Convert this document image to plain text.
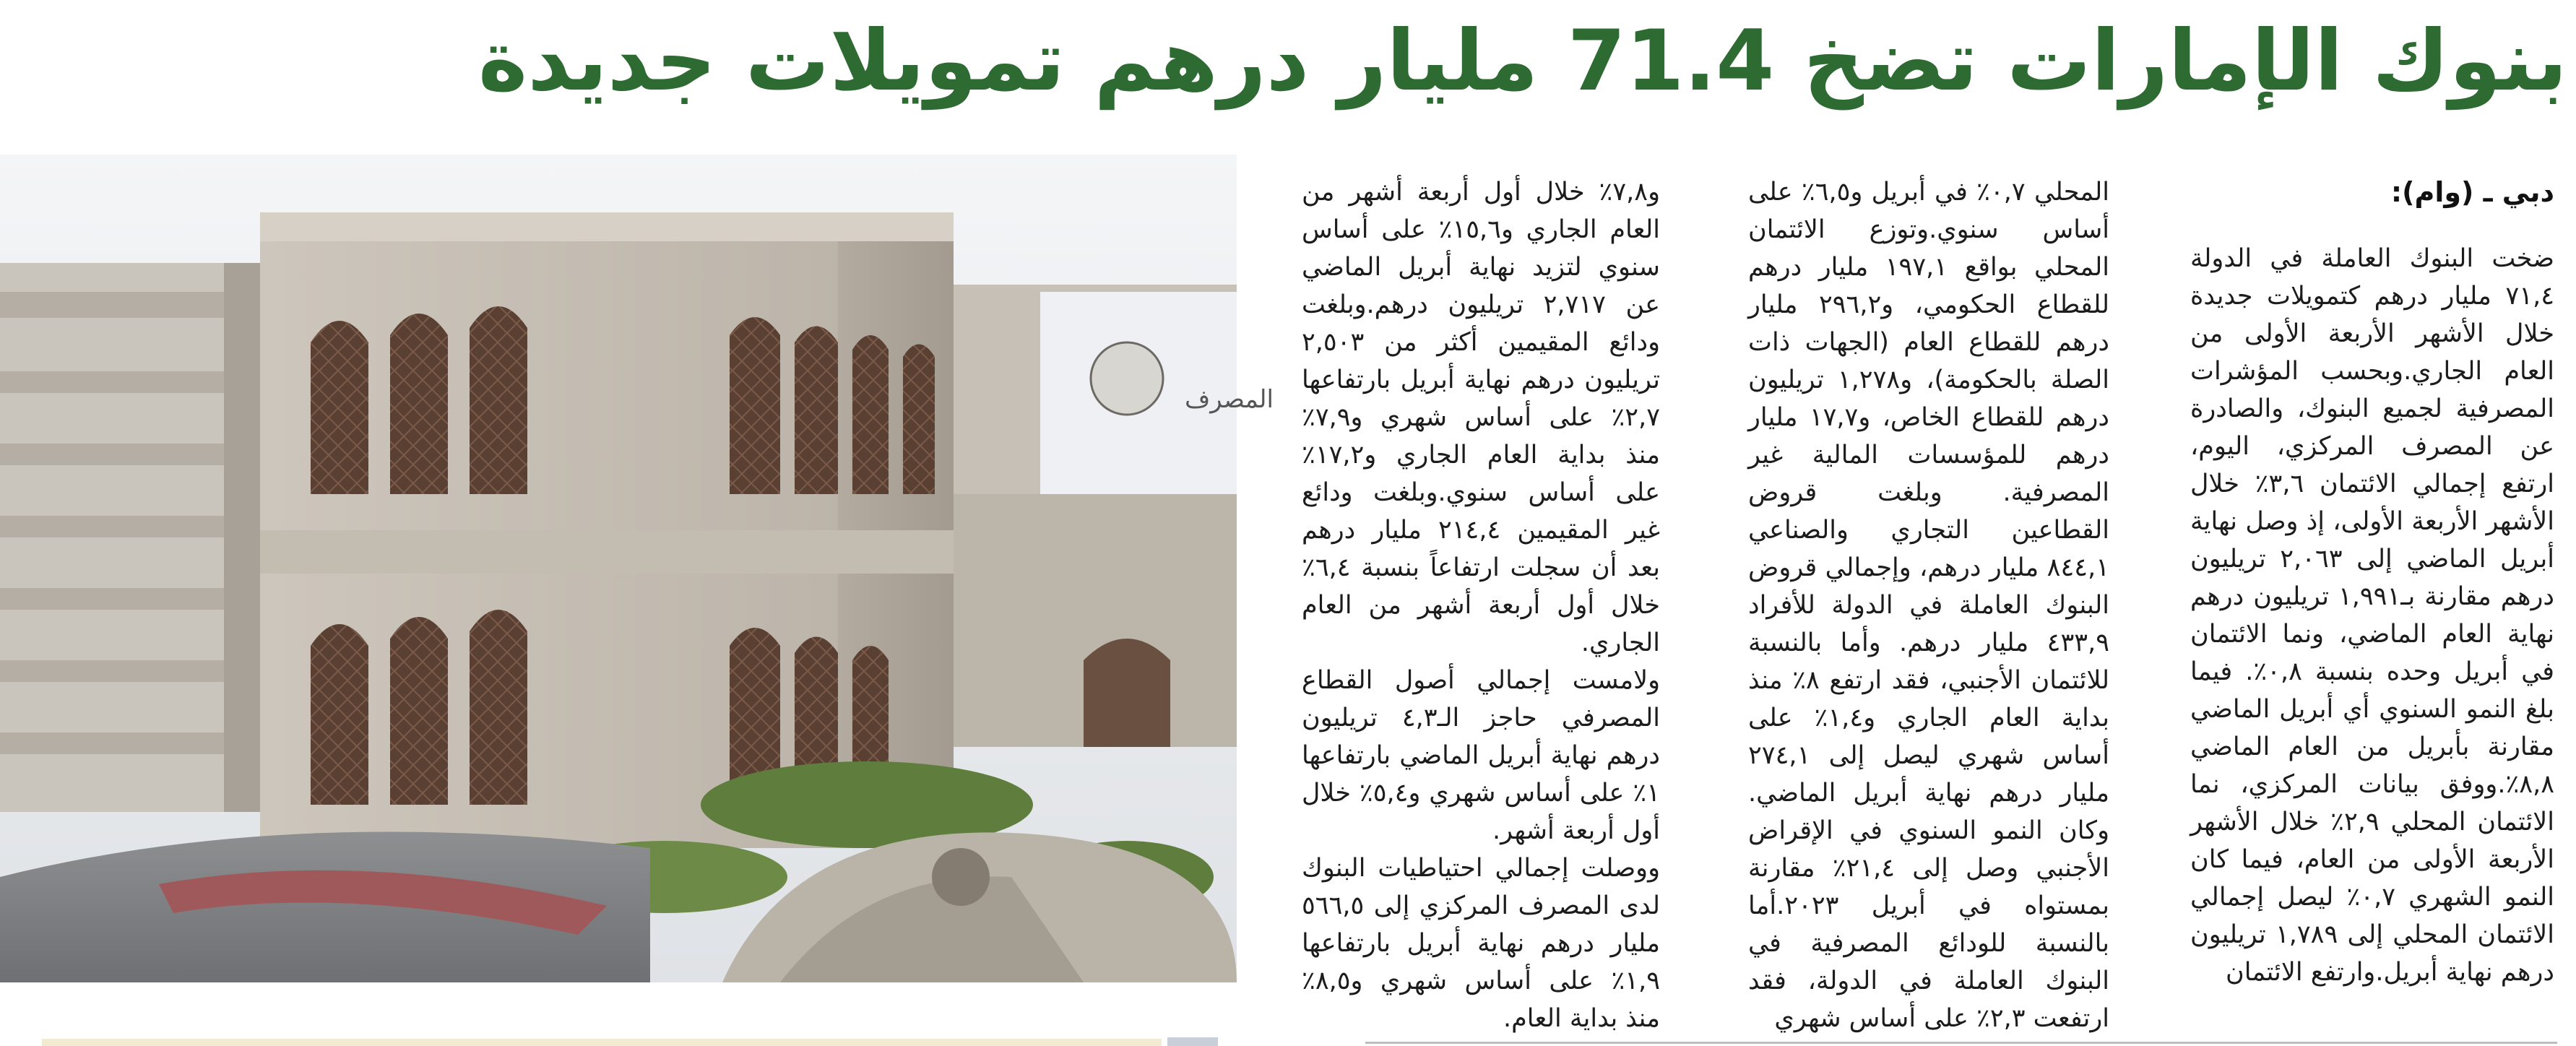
بنوك الإمارات تضخ 71.4 مليار درهم تمويلات جديدة
دبي ـ (وام):

ضخت البنوك العاملة في الدولة ٧١,٤ مليار درهم كتمويلات جديدة خلال الأشهر الأربعة الأولى من العام الجاري.وبحسب المؤشرات المصرفية لجميع البنوك، والصادرة عن المصرف المركزي، اليوم، ارتفع إجمالي الائتمان ٣,٦٪ خلال الأشهر الأربعة الأولى، إذ وصل نهاية أبريل الماضي إلى ٢,٠٦٣ تريليون درهم مقارنة بـ١,٩٩١ تريليون درهم نهاية العام الماضي، ونما الائتمان في أبريل وحده بنسبة ٠,٨٪. فيما بلغ النمو السنوي أي أبريل الماضي مقارنة بأبريل من العام الماضي ٨,٨٪.ووفق بيانات المركزي، نما الائتمان المحلي ٢,٩٪ خلال الأشهر الأربعة الأولى من العام، فيما كان النمو الشهري ٠,٧٪ ليصل إجمالي الائتمان المحلي إلى ١,٧٨٩ تريليون درهم نهاية أبريل.وارتفع الائتمان

المحلي ٠,٧٪ في أبريل و٦,٥٪ على أساس سنوي.وتوزع الائتمان المحلي بواقع ١٩٧,١ مليار درهم للقطاع الحكومي، و٢٩٦,٢ مليار درهم للقطاع العام (الجهات ذات الصلة بالحكومة)، و١,٢٧٨ تريليون درهم للقطاع الخاص، و١٧,٧ مليار درهم للمؤسسات المالية غير المصرفية. وبلغت قروض القطاعين التجاري والصناعي ٨٤٤,١ مليار درهم، وإجمالي قروض البنوك العاملة في الدولة للأفراد ٤٣٣,٩ مليار درهم. وأما بالنسبة للائتمان الأجنبي، فقد ارتفع ٨٪ منذ بداية العام الجاري و١,٤٪ على أساس شهري ليصل إلى ٢٧٤,١ مليار درهم نهاية أبريل الماضي. وكان النمو السنوي في الإقراض الأجنبي وصل إلى ٢١,٤٪ مقارنة بمستواه في أبريل ٢٠٢٣.أما بالنسبة للودائع المصرفية في البنوك العاملة في الدولة، فقد ارتفعت ٢,٣٪ على أساس شهري

و٧,٨٪ خلال أول أربعة أشهر من العام الجاري و١٥,٦٪ على أساس سنوي لتزيد نهاية أبريل الماضي عن ٢,٧١٧ تريليون درهم.وبلغت ودائع المقيمين أكثر من ٢,٥٠٣ تريليون درهم نهاية أبريل بارتفاعها ٢,٧٪ على أساس شهري و٧,٩٪ منذ بداية العام الجاري و١٧,٢٪ على أساس سنوي.وبلغت ودائع غير المقيمين ٢١٤,٤ مليار درهم بعد أن سجلت ارتفاعاً بنسبة ٦,٤٪ خلال أول أربعة أشهر من العام الجاري.

ولامست إجمالي أصول القطاع المصرفي حاجز الـ٤,٣ تريليون درهم نهاية أبريل الماضي بارتفاعها ١٪ على أساس شهري و٥,٤٪ خلال أول أربعة أشهر.

ووصلت إجمالي احتياطيات البنوك لدى المصرف المركزي إلى ٥٦٦,٥ مليار درهم نهاية أبريل بارتفاعها ١,٩٪ على أساس شهري و٨,٥٪ منذ بداية العام.

المصرف
